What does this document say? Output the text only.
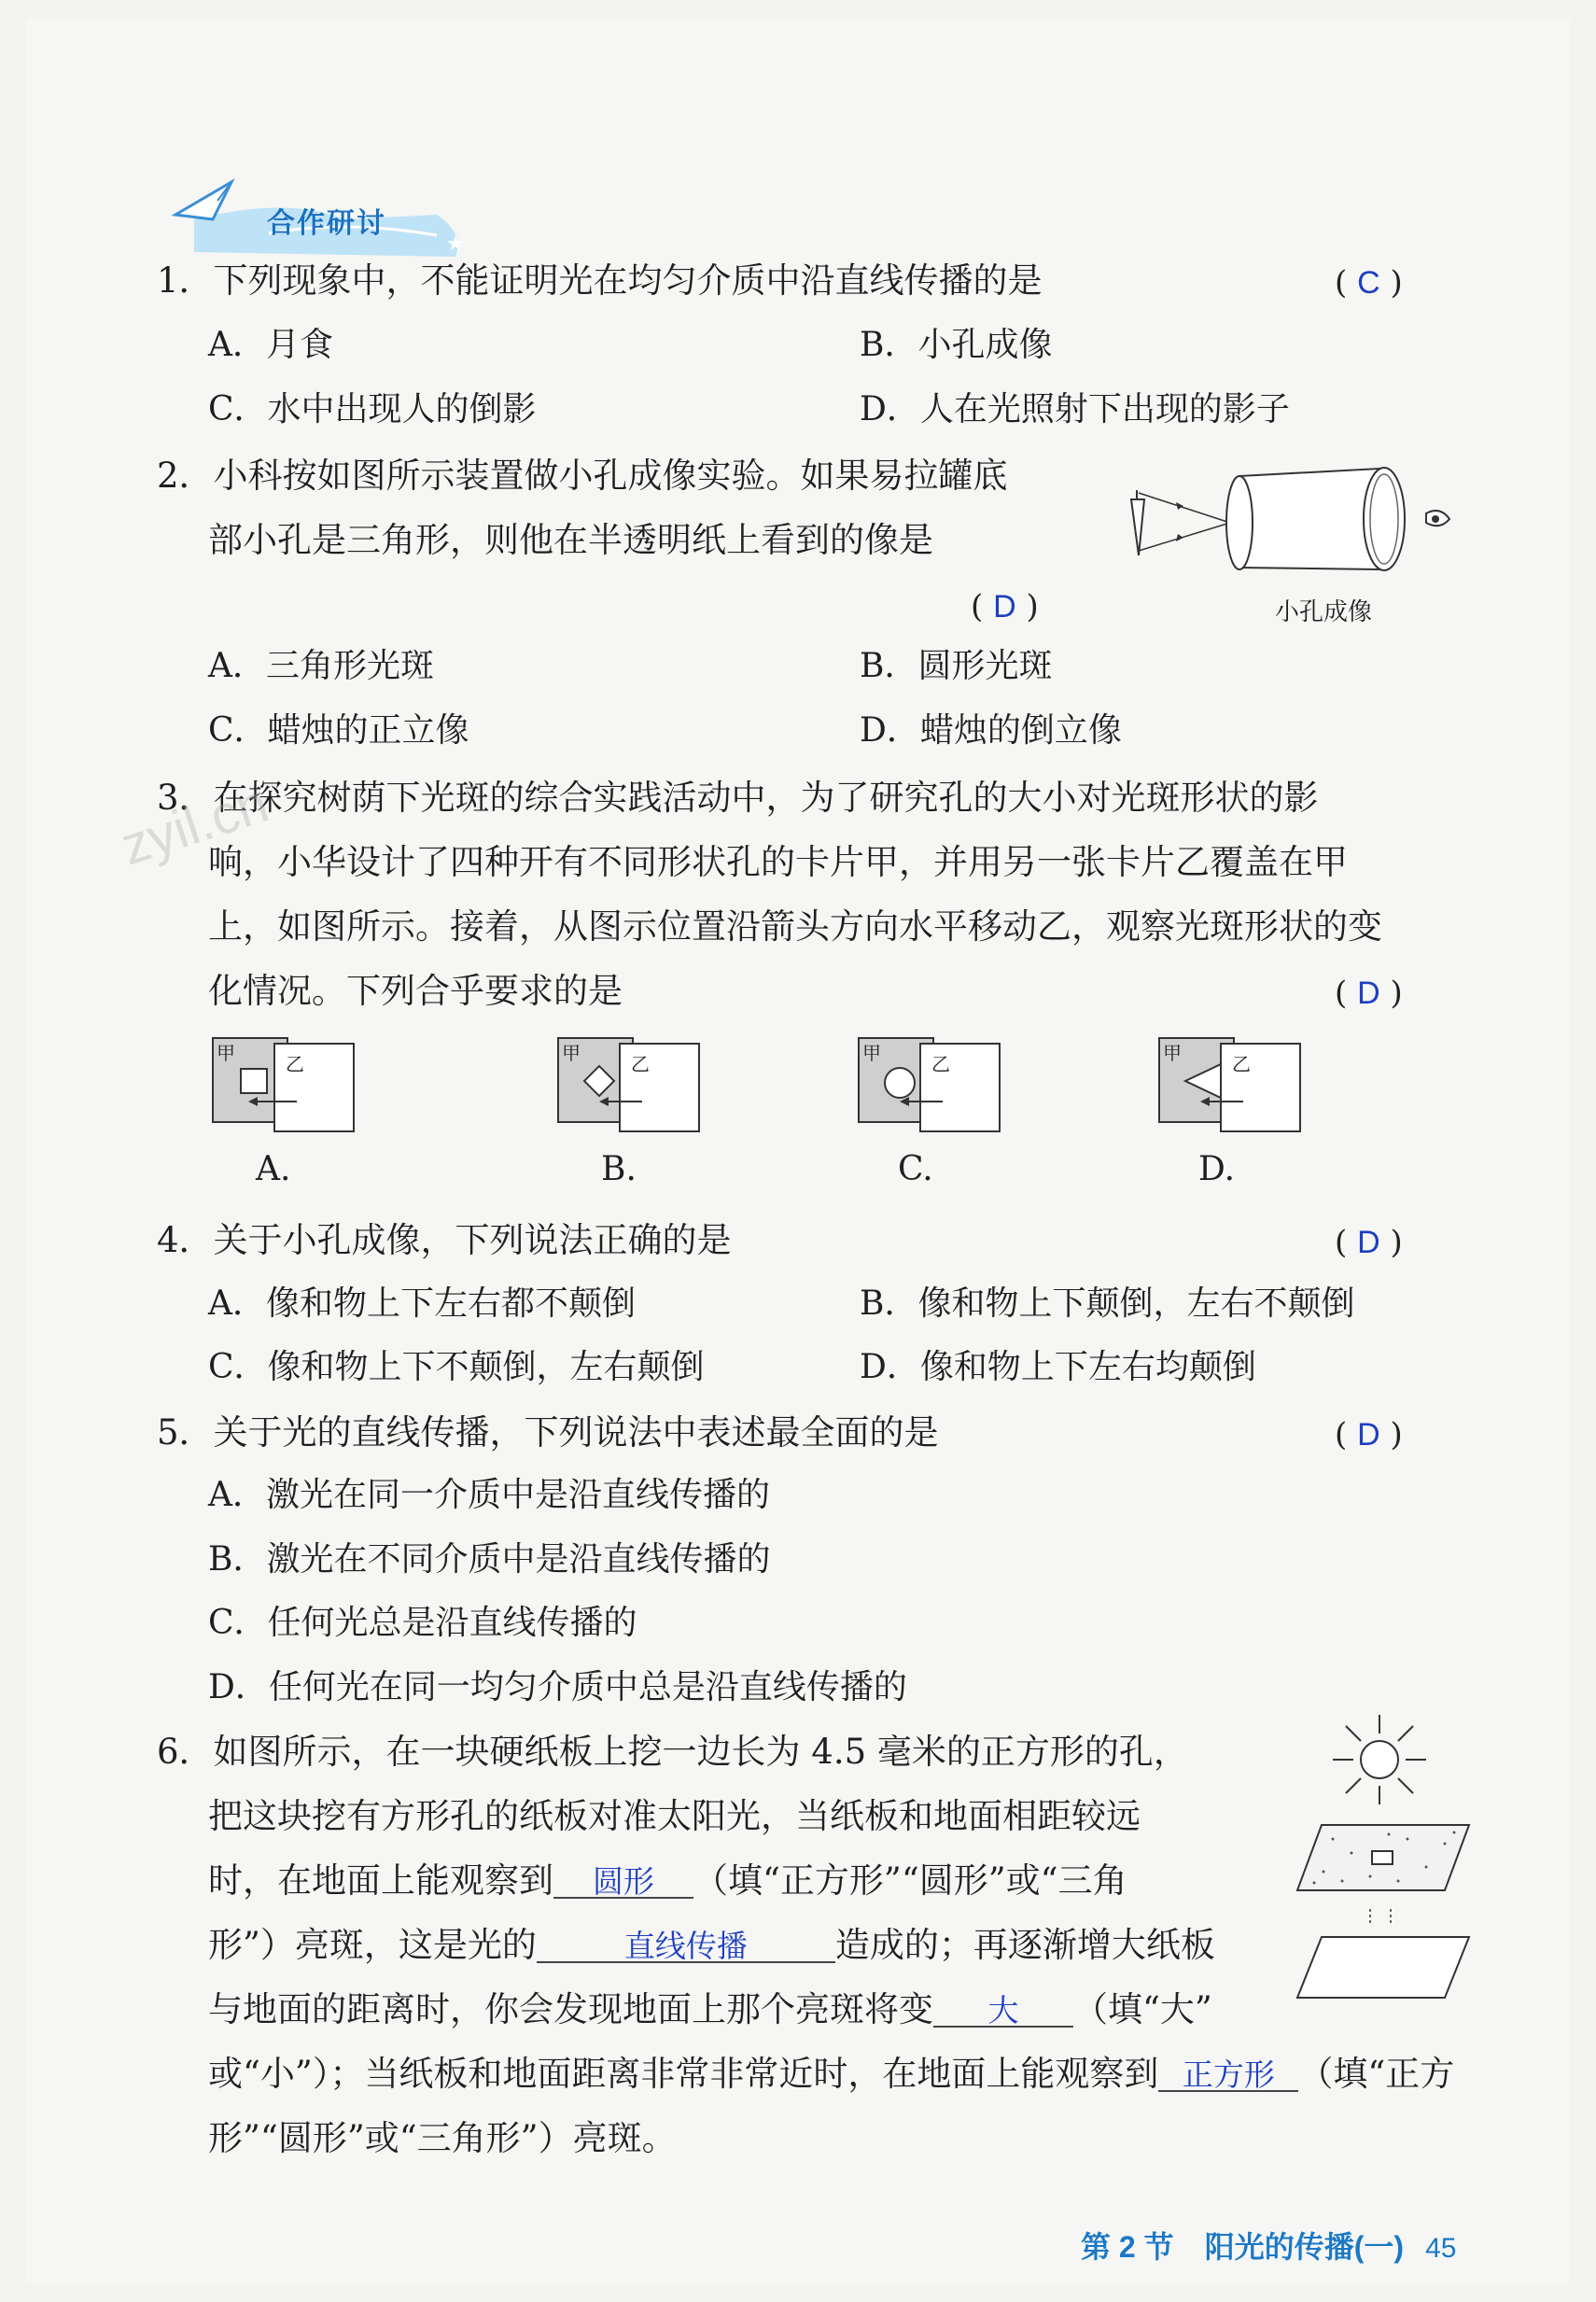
★
合作研讨
1．下列现象中，不能证明光在均匀介质中沿直线传播的是	( C )
A．月食	B．小孔成像
C．水中出现人的倒影	D．人在光照射下出现的影子
2．小科按如图所示装置做小孔成像实验。如果易拉罐底
部小孔是三角形，则他在半透明纸上看到的像是
( D )	小孔成像
A．三角形光斑	B．圆形光斑
C．蜡烛的正立像	D．蜡烛的倒立像
3．在探究树荫下光斑的综合实践活动中，为了研究孔的大小对光斑形状的影
响，小华设计了四种开有不同形状孔的卡片甲，并用另一张卡片乙覆盖在甲
上，如图所示。接着，从图示位置沿箭头方向水平移动乙，观察光斑形状的变
化情况。下列合乎要求的是	( D )
甲	乙
A.
甲	乙
B.
甲	乙
C.
甲	乙
D.
4．关于小孔成像，下列说法正确的是	( D )
A．像和物上下左右都不颠倒	B．像和物上下颠倒，左右不颠倒
C．像和物上下不颠倒，左右颠倒	D．像和物上下左右均颠倒
5．关于光的直线传播，下列说法中表述最全面的是	( D )
A．激光在同一介质中是沿直线传播的
B．激光在不同介质中是沿直线传播的
C．任何光总是沿直线传播的
D．任何光在同一均匀介质中总是沿直线传播的
6．如图所示，在一块硬纸板上挖一边长为 4.5 毫米的正方形的孔，
把这块挖有方形孔的纸板对准太阳光，当纸板和地面相距较远
时，在地面上能观察到 圆形 （填“正方形”“圆形”或“三角
形”）亮斑，这是光的	直线传播	造成的；再逐渐增大纸板
与地面的距离时，你会发现地面上那个亮斑将变 大 （填“大”
或“小”）；当纸板和地面距离非常非常近时，在地面上能观察到 正方形 （填“正方
形”“圆形”或“三角形”）亮斑。
zyil.cn
第 2 节 阳光的传播(一) 45
